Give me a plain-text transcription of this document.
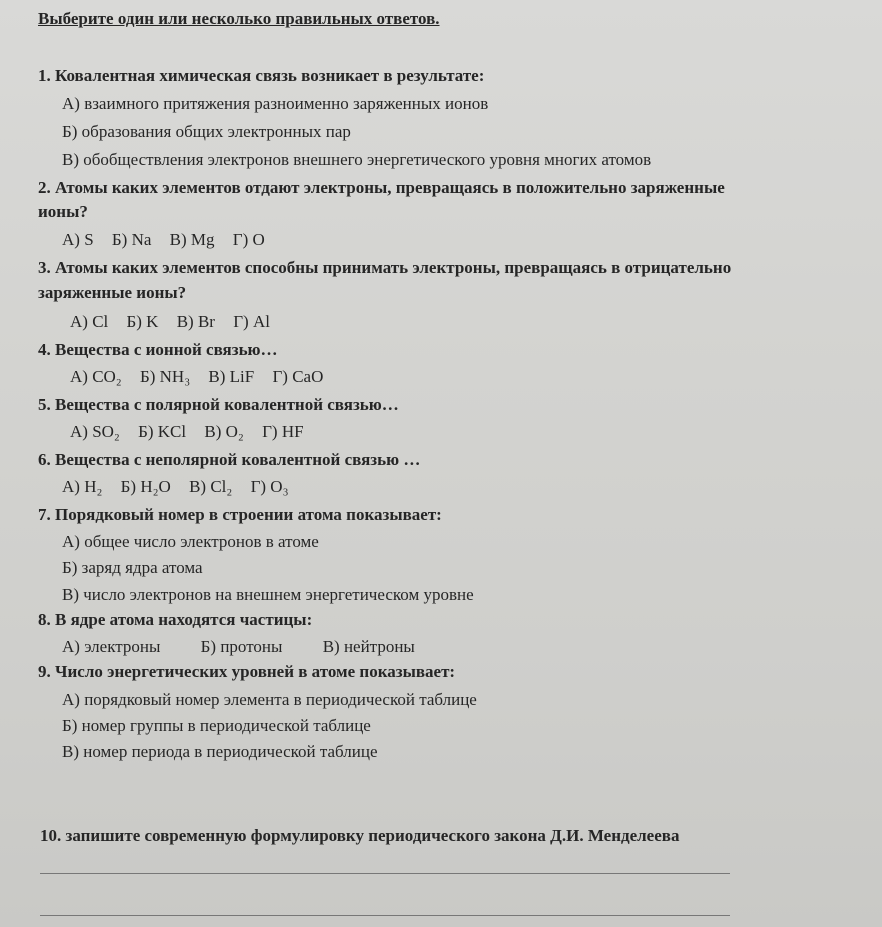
Выберите один или несколько правильных ответов.
1. Ковалентная химическая связь возникает в результате:
А) взаимного притяжения разноименно заряженных ионов
Б) образования общих электронных пар
В) обобществления электронов внешнего энергетического уровня многих атомов
2. Атомы каких элементов отдают электроны, превращаясь в положительно заряженные
ионы?
А) S Б) Na В) Mg Г) O
3. Атомы каких элементов способны принимать электроны, превращаясь в отрицательно
заряженные ионы?
А) Cl Б) K В) Br Г) Al
4. Вещества с ионной связью…
А) CO₂ Б) NH₃ В) LiF Г) CaO
5. Вещества с полярной ковалентной связью…
А) SO₂ Б) KCl В) O₂ Г) HF
6. Вещества с неполярной ковалентной связью …
А) H₂ Б) H₂O В) Cl₂ Г) O₃
7. Порядковый номер в строении атома показывает:
А) общее число электронов в атоме
Б) заряд ядра атома
В) число электронов на внешнем энергетическом уровне
8. В ядре атома находятся частицы:
А) электроны Б) протоны В) нейтроны
9. Число энергетических уровней в атоме показывает:
А) порядковый номер элемента в периодической таблице
Б) номер группы в периодической таблице
В) номер периода в периодической таблице
10. запишите современную формулировку периодического закона Д.И. Менделеева
